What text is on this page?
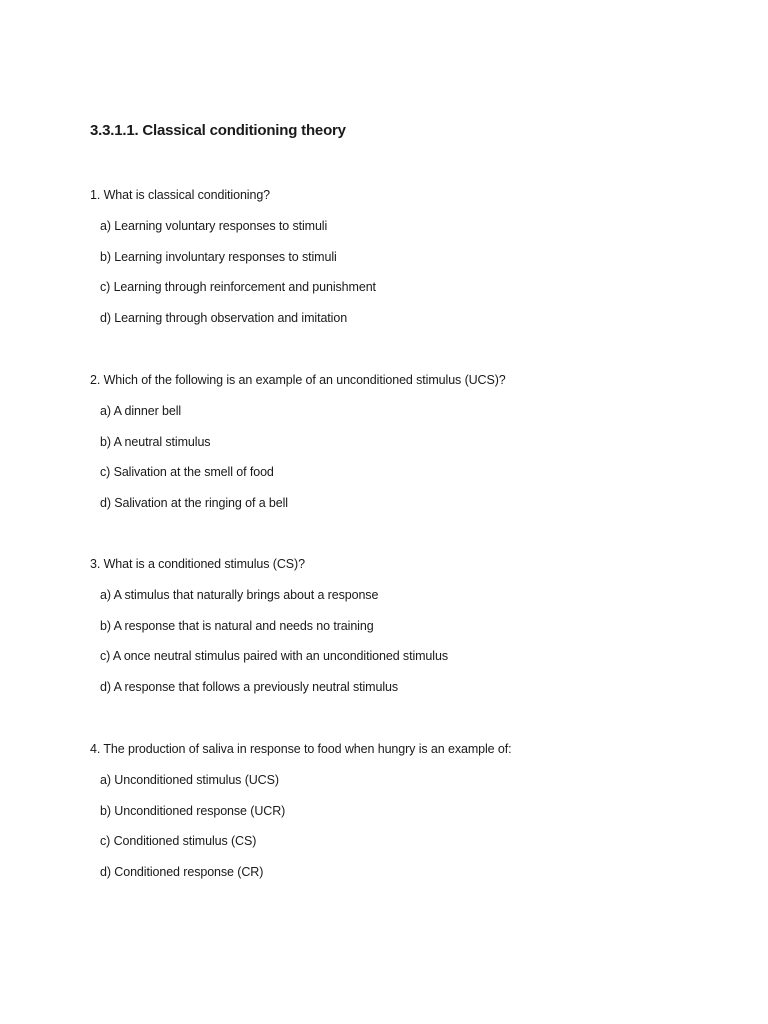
3.3.1.1. Classical conditioning theory
1. What is classical conditioning?
a) Learning voluntary responses to stimuli
b) Learning involuntary responses to stimuli
c) Learning through reinforcement and punishment
d) Learning through observation and imitation
2. Which of the following is an example of an unconditioned stimulus (UCS)?
a) A dinner bell
b) A neutral stimulus
c) Salivation at the smell of food
d) Salivation at the ringing of a bell
3. What is a conditioned stimulus (CS)?
a) A stimulus that naturally brings about a response
b) A response that is natural and needs no training
c) A once neutral stimulus paired with an unconditioned stimulus
d) A response that follows a previously neutral stimulus
4. The production of saliva in response to food when hungry is an example of:
a) Unconditioned stimulus (UCS)
b) Unconditioned response (UCR)
c) Conditioned stimulus (CS)
d) Conditioned response (CR)
